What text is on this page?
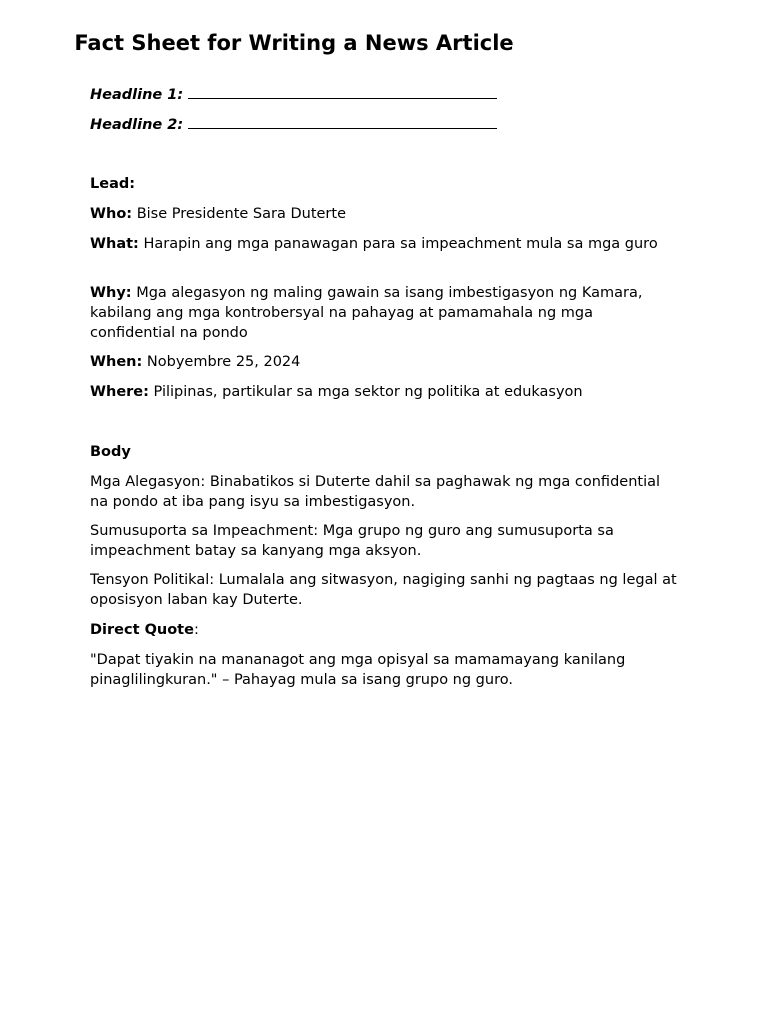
Fact Sheet for Writing a News Article

Headline 1:

Headline 2:

Lead:

Who: Bise Presidente Sara Duterte

What: Harapin ang mga panawagan para sa impeachment mula sa mga guro

Why: Mga alegasyon ng maling gawain sa isang imbestigasyon ng Kamara, kabilang ang mga kontrobersyal na pahayag at pamamahala ng mga confidential na pondo

When: Nobyembre 25, 2024

Where: Pilipinas, partikular sa mga sektor ng politika at edukasyon

Body

Mga Alegasyon: Binabatikos si Duterte dahil sa paghawak ng mga confidential na pondo at iba pang isyu sa imbestigasyon.

Sumusuporta sa Impeachment: Mga grupo ng guro ang sumusuporta sa impeachment batay sa kanyang mga aksyon.

Tensyon Politikal: Lumalala ang sitwasyon, nagiging sanhi ng pagtaas ng legal at oposisyon laban kay Duterte.

Direct Quote:

"Dapat tiyakin na mananagot ang mga opisyal sa mamamayang kanilang pinaglilingkuran." – Pahayag mula sa isang grupo ng guro.
